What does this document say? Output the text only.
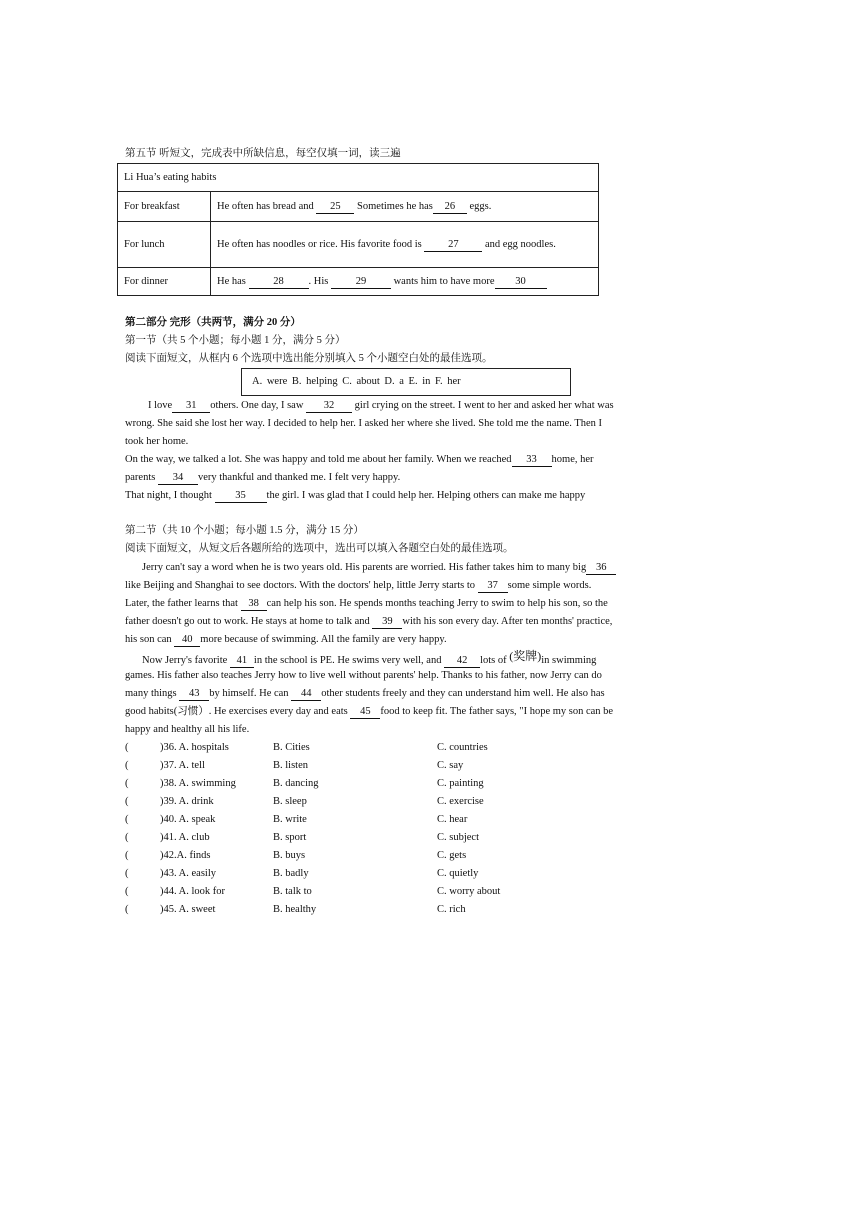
第五节 听短文，完成表中所缺信息，每空仅填一词，读三遍
Li Hua’s eating habits	
For breakfast	He often has bread and 25 Sometimes he has 26 eggs.
For lunch	He often has noodles or rice. His favorite food is 27 and egg noodles.
For dinner	He has 28 . His 29 wants him to have more 30
第二部分 完形（共两节，满分 20 分）
第一节（共 5 个小题；每小题 1 分，满分 5 分）
阅读下面短文，从框内 6 个选项中选出能分别填入 5 个小题空白处的最佳选项。
A. were B. helping C. about D. a E. in F. her
I love 31 others. One day, I saw 32 girl crying on the street. I went to her and asked her what was
wrong. She said she lost her way. I decided to help her. I asked her where she lived. She told me the name. Then I
took her home.
On the way, we talked a lot. She was happy and told me about her family. When we reached 33 home, her
parents 34 very thankful and thanked me. I felt very happy.
That night, I thought 35 the girl. I was glad that I could help her. Helping others can make me happy
第二节（共 10 个小题；每小题 1.5 分，满分 15 分）
阅读下面短文，从短文后各题所给的选项中，选出可以填入各题空白处的最佳选项。
Jerry can't say a word when he is two years old. His parents are worried. His father takes him to many big 36
like Beijing and Shanghai to see doctors. With the doctors' help, little Jerry starts to 37 some simple words.
Later, the father learns that 38 can help his son. He spends months teaching Jerry to swim to help his son, so the
father doesn't go out to work. He stays at home to talk and 39 with his son every day. After ten months' practice,
his son can 40 more because of swimming. All the family are very happy.
Now Jerry's favorite 41 in the school is PE. He swims very well, and 42 lots of (奖牌)in swimming
games. His father also teaches Jerry how to live well without parents' help. Thanks to his father, now Jerry can do
many things 43 by himself. He can 44 other students freely and they can understand him well. He also has
good habits(习惯）. He exercises every day and eats 45 food to keep fit. The father says, "I hope my son can be
happy and healthy all his life.
(	)36. A. hospitals	B. Cities	C. countries
(	)37. A. tell	B. listen	C. say
(	)38. A. swimming	B. dancing	C. painting
(	)39. A. drink	B. sleep	C. exercise
(	)40. A. speak	B. write	C. hear
(	)41. A. club	B. sport	C. subject
(	)42.A. finds	B. buys	C. gets
(	)43. A. easily	B. badly	C. quietly
(	)44. A. look for	B. talk to	C. worry about
(	)45. A. sweet	B. healthy	C. rich
